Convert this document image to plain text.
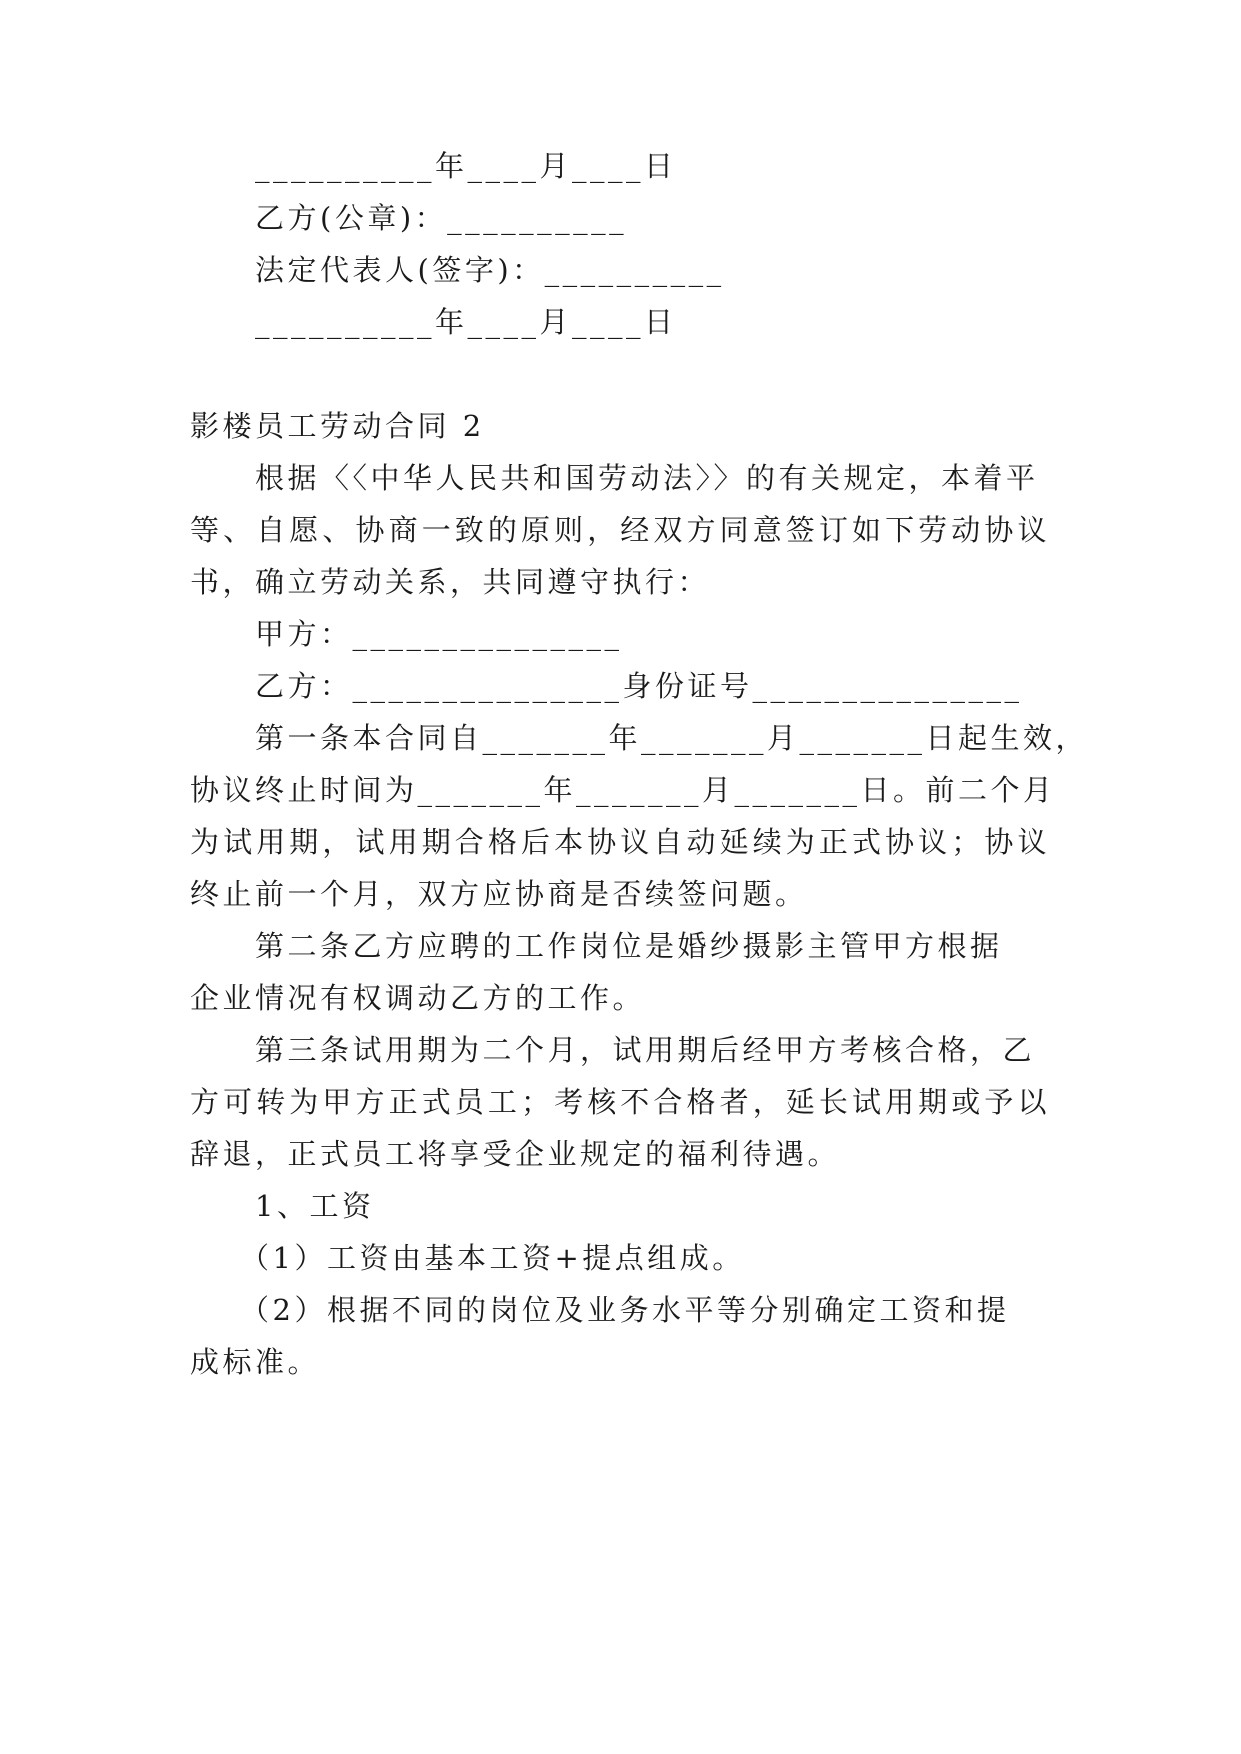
__________年____月____日
乙方(公章)：__________
法定代表人(签字)：__________
__________年____月____日
影楼员工劳动合同 2
根据〈〈中华人民共和国劳动法〉〉的有关规定，本着平
等、自愿、协商一致的原则，经双方同意签订如下劳动协议
书，确立劳动关系，共同遵守执行：
甲方：_______________
乙方：_______________身份证号_______________
第一条本合同自_______年_______月_______日起生效，
协议终止时间为_______年_______月_______日。前二个月
为试用期，试用期合格后本协议自动延续为正式协议；协议
终止前一个月，双方应协商是否续签问题。
第二条乙方应聘的工作岗位是婚纱摄影主管甲方根据
企业情况有权调动乙方的工作。
第三条试用期为二个月，试用期后经甲方考核合格，乙
方可转为甲方正式员工；考核不合格者，延长试用期或予以
辞退，正式员工将享受企业规定的福利待遇。
1、工资
（1）工资由基本工资+提点组成。
（2）根据不同的岗位及业务水平等分别确定工资和提
成标准。
